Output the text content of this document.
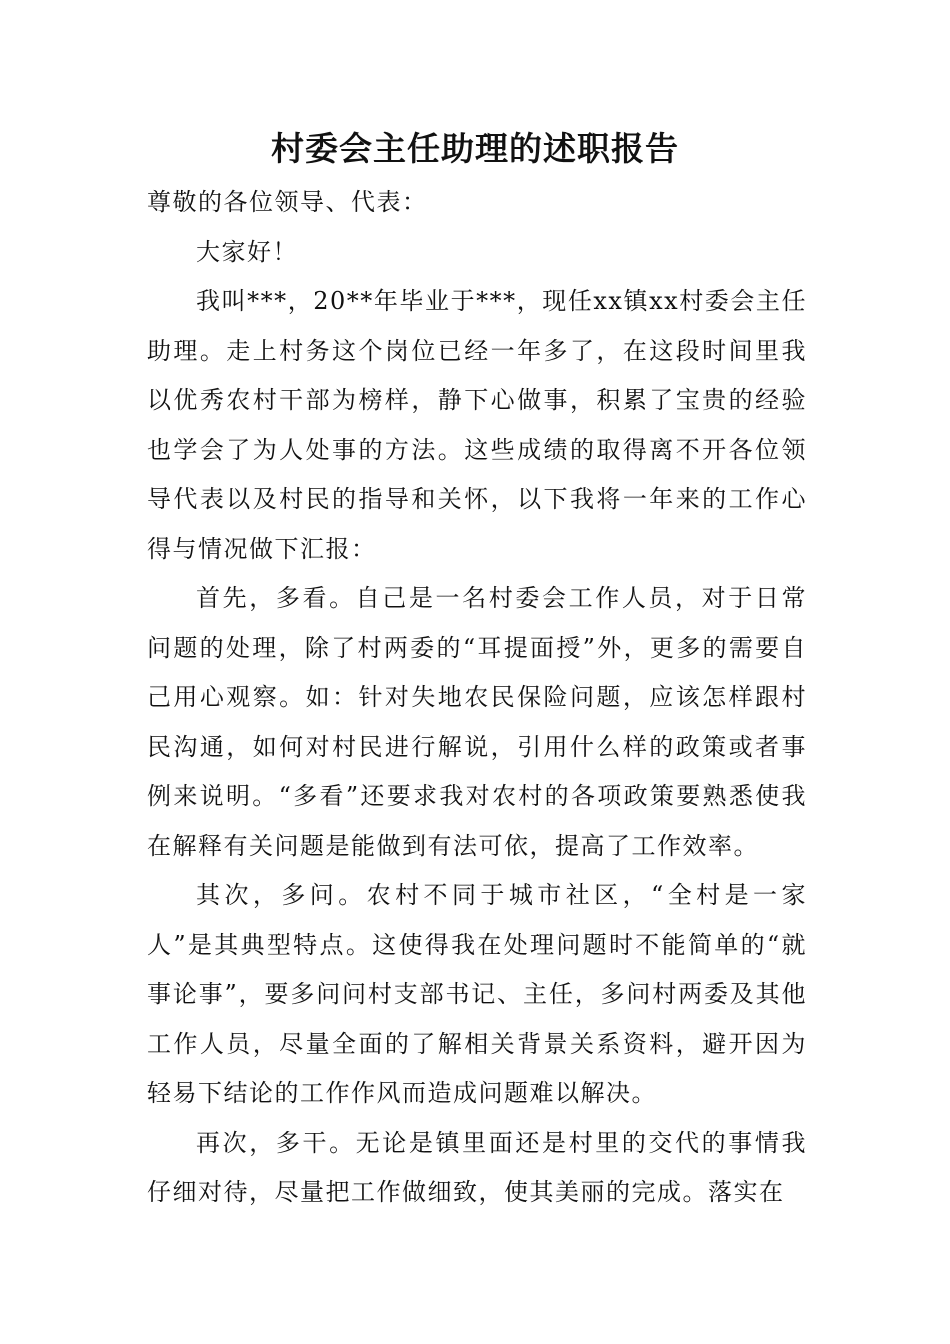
村委会主任助理的述职报告

尊敬的各位领导、代表：

大家好！

我叫***，20**年毕业于***，现任xx镇xx村委会主任助理。走上村务这个岗位已经一年多了，在这段时间里我以优秀农村干部为榜样，静下心做事，积累了宝贵的经验也学会了为人处事的方法。这些成绩的取得离不开各位领导代表以及村民的指导和关怀，以下我将一年来的工作心得与情况做下汇报：

首先，多看。自己是一名村委会工作人员，对于日常问题的处理，除了村两委的“耳提面授”外，更多的需要自己用心观察。如：针对失地农民保险问题，应该怎样跟村民沟通，如何对村民进行解说，引用什么样的政策或者事例来说明。“多看”还要求我对农村的各项政策要熟悉使我在解释有关问题是能做到有法可依，提高了工作效率。

其次，多问。农村不同于城市社区，“全村是一家人”是其典型特点。这使得我在处理问题时不能简单的“就事论事”，要多问问村支部书记、主任，多问村两委及其他工作人员，尽量全面的了解相关背景关系资料，避开因为轻易下结论的工作作风而造成问题难以解决。

再次，多干。无论是镇里面还是村里的交代的事情我仔细对待，尽量把工作做细致，使其美丽的完成。落实在
